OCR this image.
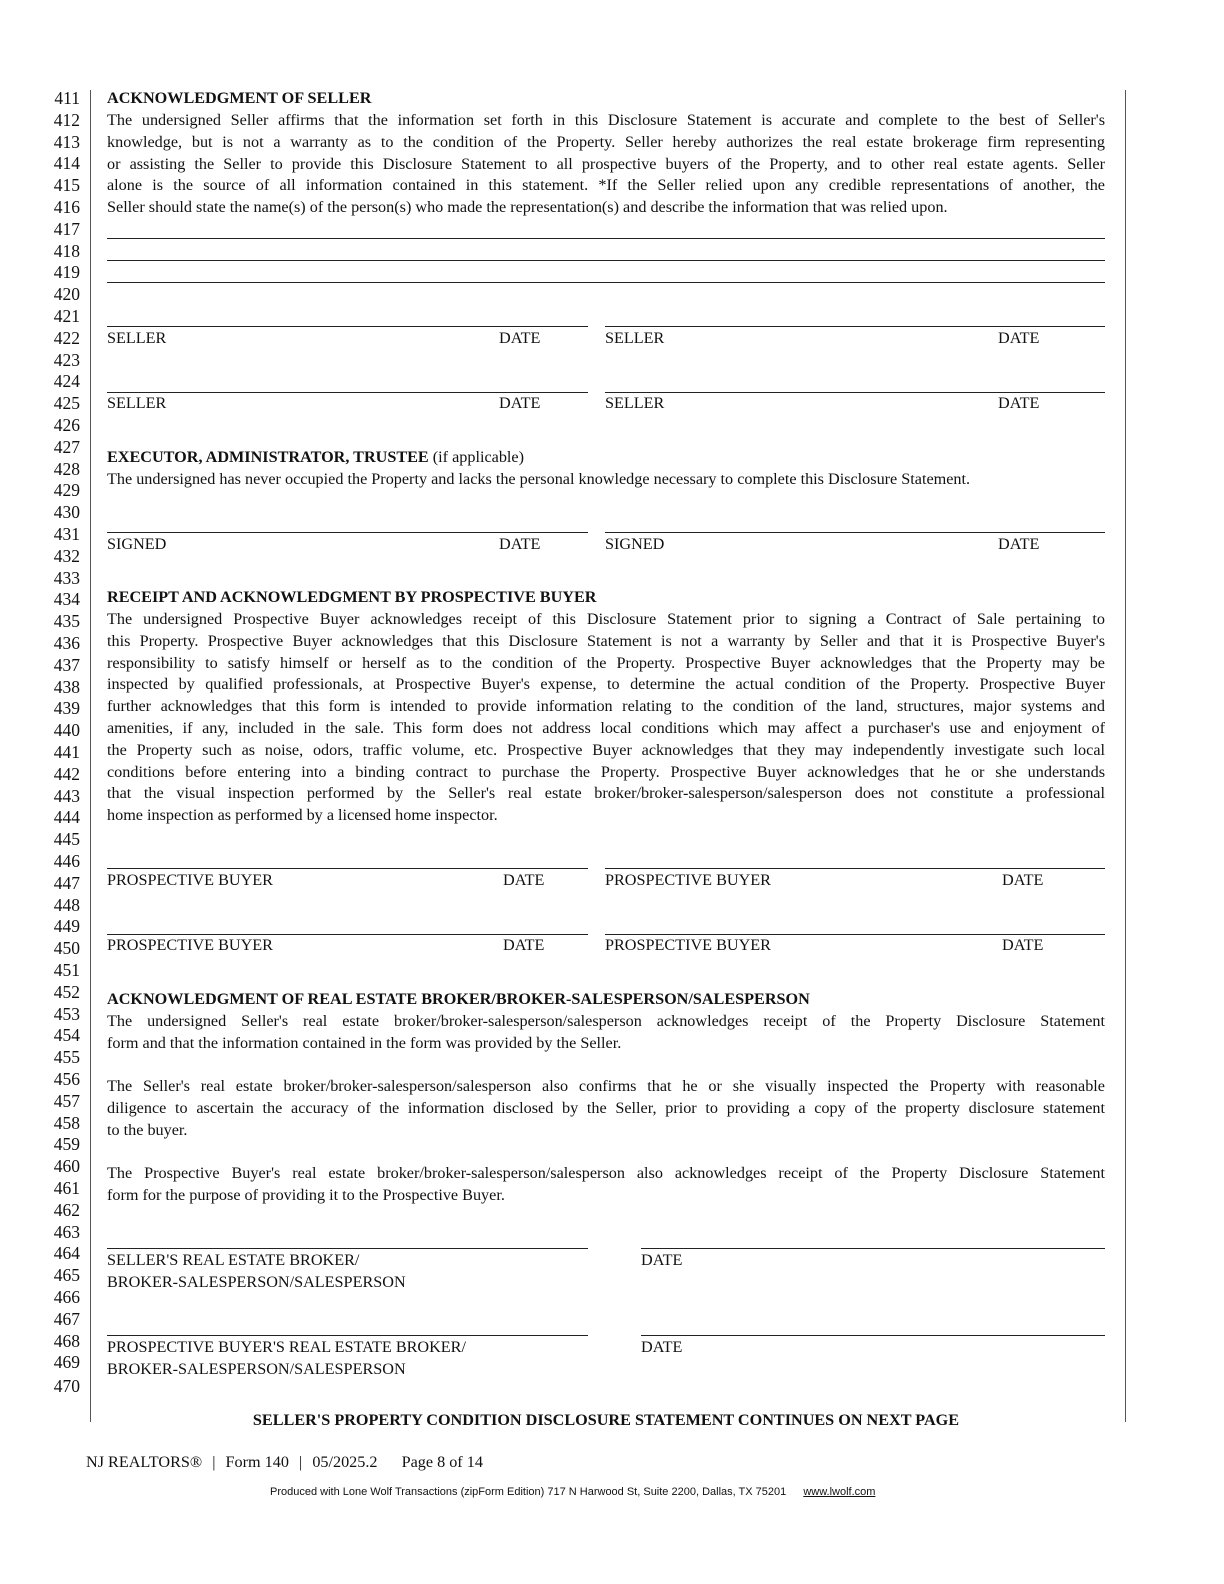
411
412
413
414
415
416
417
418
419
420
421
422
423
424
425
426
427
428
429
430
431
432
433
434
435
436
437
438
439
440
441
442
443
444
445
446
447
448
449
450
451
452
453
454
455
456
457
458
459
460
461
462
463
464
465
466
467
468
469
470
ACKNOWLEDGMENT OF SELLER
The undersigned Seller affirms that the information set forth in this Disclosure Statement is accurate and complete to the best of Seller's
knowledge, but is not a warranty as to the condition of the Property. Seller hereby authorizes the real estate brokerage firm representing
or assisting the Seller to provide this Disclosure Statement to all prospective buyers of the Property, and to other real estate agents. Seller
alone is the source of all information contained in this statement. *If the Seller relied upon any credible representations of another, the
Seller should state the name(s) of the person(s) who made the representation(s) and describe the information that was relied upon.
SELLER	DATE	SELLER	DATE
SELLER	DATE	SELLER	DATE
EXECUTOR, ADMINISTRATOR, TRUSTEE (if applicable)
The undersigned has never occupied the Property and lacks the personal knowledge necessary to complete this Disclosure Statement.
SIGNED	DATE	SIGNED	DATE
RECEIPT AND ACKNOWLEDGMENT BY PROSPECTIVE BUYER
The undersigned Prospective Buyer acknowledges receipt of this Disclosure Statement prior to signing a Contract of Sale pertaining to
this Property. Prospective Buyer acknowledges that this Disclosure Statement is not a warranty by Seller and that it is Prospective Buyer's
responsibility to satisfy himself or herself as to the condition of the Property. Prospective Buyer acknowledges that the Property may be
inspected by qualified professionals, at Prospective Buyer's expense, to determine the actual condition of the Property. Prospective Buyer
further acknowledges that this form is intended to provide information relating to the condition of the land, structures, major systems and
amenities, if any, included in the sale. This form does not address local conditions which may affect a purchaser's use and enjoyment of
the Property such as noise, odors, traffic volume, etc. Prospective Buyer acknowledges that they may independently investigate such local
conditions before entering into a binding contract to purchase the Property. Prospective Buyer acknowledges that he or she understands
that the visual inspection performed by the Seller's real estate broker/broker-salesperson/salesperson does not constitute a professional
home inspection as performed by a licensed home inspector.
PROSPECTIVE BUYER	DATE	PROSPECTIVE BUYER	DATE
PROSPECTIVE BUYER	DATE	PROSPECTIVE BUYER	DATE
ACKNOWLEDGMENT OF REAL ESTATE BROKER/BROKER-SALESPERSON/SALESPERSON
The undersigned Seller's real estate broker/broker-salesperson/salesperson acknowledges receipt of the Property Disclosure Statement
form and that the information contained in the form was provided by the Seller.
The Seller's real estate broker/broker-salesperson/salesperson also confirms that he or she visually inspected the Property with reasonable
diligence to ascertain the accuracy of the information disclosed by the Seller, prior to providing a copy of the property disclosure statement
to the buyer.
The Prospective Buyer's real estate broker/broker-salesperson/salesperson also acknowledges receipt of the Property Disclosure Statement
form for the purpose of providing it to the Prospective Buyer.
SELLER'S REAL ESTATE BROKER/
BROKER-SALESPERSON/SALESPERSON
DATE
PROSPECTIVE BUYER'S REAL ESTATE BROKER/
BROKER-SALESPERSON/SALESPERSON
DATE
SELLER'S PROPERTY CONDITION DISCLOSURE STATEMENT CONTINUES ON NEXT PAGE
NJ REALTORS® | Form 140 | 05/2025.2 Page 8 of 14
Produced with Lone Wolf Transactions (zipForm Edition) 717 N Harwood St, Suite 2200, Dallas, TX 75201 www.lwolf.com
